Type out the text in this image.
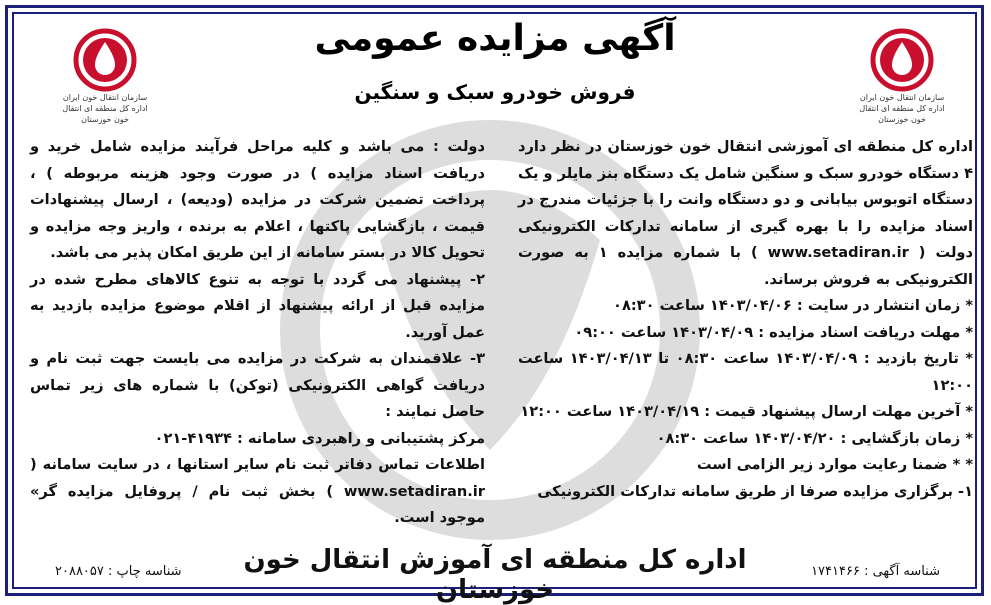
سازمان انتقال خون ایران
اداره کل منطقه ای انتقال
خون خوزستان
سازمان انتقال خون ایران
اداره کل منطقه ای انتقال
خون خوزستان
آگهی مزایده عمومی
فروش خودرو سبک و سنگین

اداره کل منطقه ای آموزشی انتقال خون خوزستان در نظر دارد ۴ دستگاه خودرو سبک و سنگین شامل یک دستگاه بنز مایلر و یک دستگاه اتوبوس بیابانی و دو دستگاه وانت را با جزئیات مندرج در اسناد مزایده را با بهره گیری از سامانه تدارکات الکترونیکی دولت ( www.setadiran.ir ) با شماره مزایده ۱ به صورت الکترونیکی به فروش برساند.

* زمان انتشار در سایت : ۱۴۰۳/۰۴/۰۶ ساعت ۰۸:۳۰

* مهلت دریافت اسناد مزایده : ۱۴۰۳/۰۴/۰۹ ساعت ۰۹:۰۰

* تاریخ بازدید : ۱۴۰۳/۰۴/۰۹ ساعت ۰۸:۳۰ تا ۱۴۰۳/۰۴/۱۳ ساعت ۱۲:۰۰

* آخرین مهلت ارسال پیشنهاد قیمت : ۱۴۰۳/۰۴/۱۹ ساعت ۱۲:۰۰

* زمان بازگشایی : ۱۴۰۳/۰۴/۲۰ ساعت ۰۸:۳۰

* * ضمنا رعایت موارد زیر الزامی است

۱- برگزاری مزایده صرفا از طریق سامانه تدارکات الکترونیکی

دولت : می باشد و کلیه مراحل فرآیند مزایده شامل خرید و دریافت اسناد مزایده ) در صورت وجود هزینه مربوطه ) ، پرداخت تضمین شرکت در مزایده (ودیعه) ، ارسال پیشنهادات قیمت ، بازگشایی پاکتها ، اعلام به برنده ، واریز وجه مزایده و تحویل کالا در بستر سامانه از این طریق امکان پذیر می باشد.

۲- پیشنهاد می گردد با توجه به تنوع کالاهای مطرح شده در مزایده قبل از ارائه پیشنهاد از اقلام موضوع مزایده بازدید به عمل آورید.

۳- علاقمندان به شرکت در مزایده می بایست جهت ثبت نام و دریافت گواهی الکترونیکی (توکن) با شماره های زیر تماس حاصل نمایند :

مرکز پشتیبانی و راهبردی سامانه : ۴۱۹۳۴-۰۲۱

اطلاعات تماس دفاتر ثبت نام سایر استانها ، در سایت سامانه ( www.setadiran.ir ) بخش ثبت نام / پروفایل مزایده گر» موجود است.

شناسه چاپ : ۲۰۸۸۰۵۷ اداره کل منطقه ای آموزش انتقال خون خوزستان
شناسه آگهی : ۱۷۴۱۴۶۶
